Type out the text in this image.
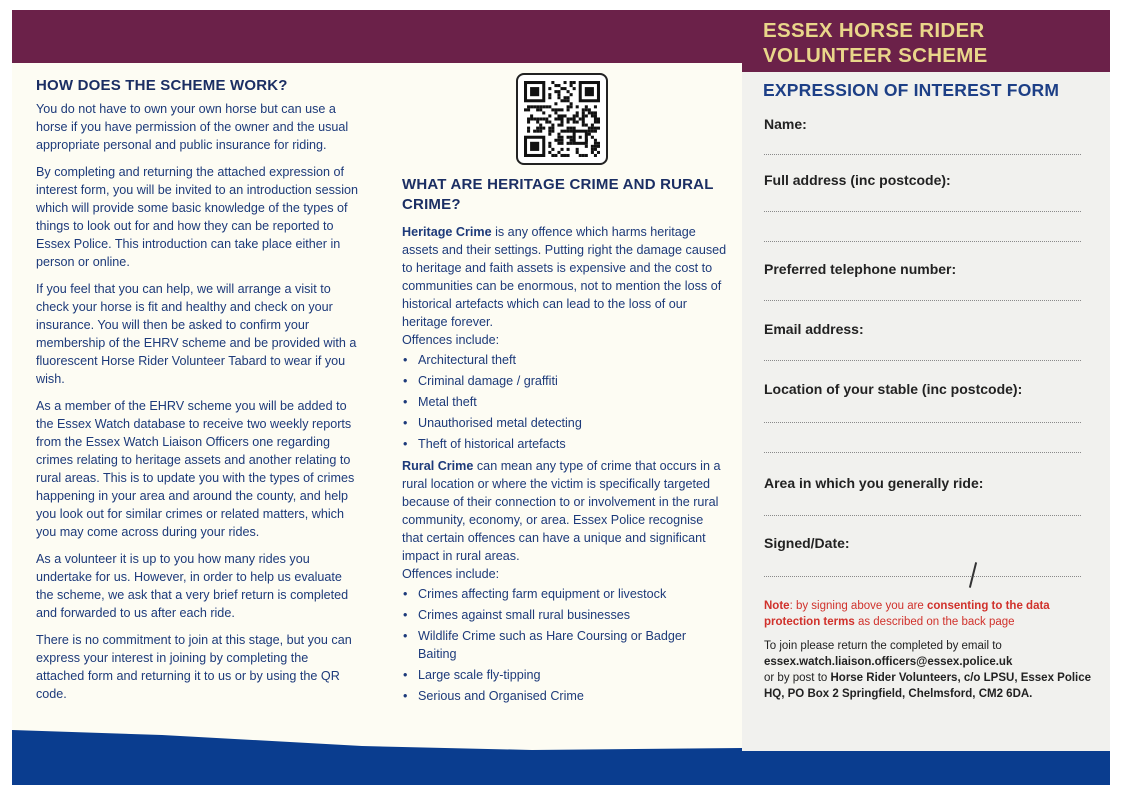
HOW DOES THE SCHEME WORK?

You do not have to own your own horse but can use a horse if you have permission of the owner and the usual appropriate personal and public insurance for riding.

By completing and returning the attached expression of interest form, you will be invited to an introduction session which will provide some basic knowledge of the types of things to look out for and how they can be reported to Essex Police. This introduction can take place either in person or online.

If you feel that you can help, we will arrange a visit to check your horse is fit and healthy and check on your insurance. You will then be asked to confirm your membership of the EHRV scheme and be provided with a fluorescent Horse Rider Volunteer Tabard to wear if you wish.

As a member of the EHRV scheme you will be added to the Essex Watch database to receive two weekly reports from the Essex Watch Liaison Officers one regarding crimes relating to heritage assets and another relating to rural areas. This is to update you with the types of crimes happening in your area and around the county, and help you look out for similar crimes or related matters, which you may come across during your rides.

As a volunteer it is up to you how many rides you undertake for us. However, in order to help us evaluate the scheme, we ask that a very brief return is completed and forwarded to us after each ride.

There is no commitment to join at this stage, but you can express your interest in joining by completing the attached form and returning it to us or by using the QR code.

WHAT ARE HERITAGE CRIME AND RURAL CRIME?

Heritage Crime is any offence which harms heritage assets and their settings. Putting right the damage caused to heritage and faith assets is expensive and the cost to communities can be enormous, not to mention the loss of historical artefacts which can lead to the loss of our heritage forever.

Offences include:

• Architectural theft
• Criminal damage / graffiti
• Metal theft
• Unauthorised metal detecting
• Theft of historical artefacts

Rural Crime can mean any type of crime that occurs in a rural location or where the victim is specifically targeted because of their connection to or involvement in the rural community, economy, or area. Essex Police recognise that certain offences can have a unique and significant impact in rural areas.

Offences include:

• Crimes affecting farm equipment or livestock
• Crimes against small rural businesses
• Wildlife Crime such as Hare Coursing or Badger Baiting
• Large scale fly-tipping
• Serious and Organised Crime
ESSEX HORSE RIDER
VOLUNTEER SCHEME
EXPRESSION OF INTEREST FORM

Name:

Full address (inc postcode):

Preferred telephone number:

Email address:

Location of your stable (inc postcode):

Area in which you generally ride:

Signed/Date:

Note: by signing above you are consenting to the data protection terms as described on the back page

To join please return the completed by email to
essex.watch.liaison.officers@essex.police.uk
or by post to Horse Rider Volunteers, c/o LPSU, Essex Police HQ, PO Box 2 Springfield, Chelmsford, CM2 6DA.
